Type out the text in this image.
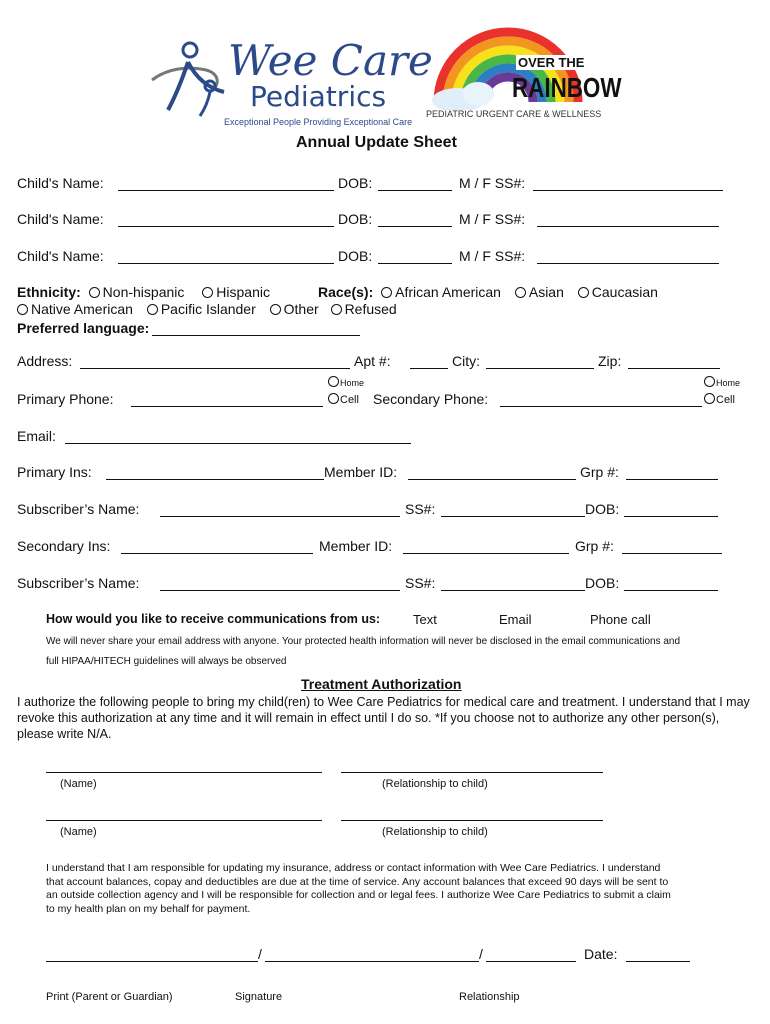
Wee Care
Pediatrics
Exceptional People Providing Exceptional Care
OVER THE
RAINBOW
PEDIATRIC URGENT CARE & WELLNESS
Annual Update Sheet
Child's Name:	DOB:	M / F SS#:
Child's Name:	DOB:	M / F SS#:
Child's Name:	DOB:	M / F SS#:
Ethnicity: Non-hispanic Hispanic	Race(s): African American Asian Caucasian
Native American Pacific Islander Other Refused
Preferred language:
Address:	Apt #:	City:	Zip:
Primary Phone:
Home
Cell Secondary Phone:
Home
Cell
Email:
Primary Ins:	Member ID:	Grp #:
Subscriber’s Name:	SS#:	DOB:
Secondary Ins:	Member ID:	Grp #:
Subscriber’s Name:	SS#:	DOB:
How would you like to receive communications from us:	Text	Email	Phone call
We will never share your email address with anyone. Your protected health information will never be disclosed in the email communications and
full HIPAA/HITECH guidelines will always be observed
Treatment Authorization
I authorize the following people to bring my child(ren) to Wee Care Pediatrics for medical care and treatment. I understand that I may
revoke this authorization at any time and it will remain in effect until I do so. *If you choose not to authorize any other person(s),
please write N/A.
(Name)	(Relationship to child)
(Name)	(Relationship to child)
I understand that I am responsible for updating my insurance, address or contact information with Wee Care Pediatrics. I understand
that account balances, copay and deductibles are due at the time of service. Any account balances that exceed 90 days will be sent to
an outside collection agency and I will be responsible for collection and or legal fees. I authorize Wee Care Pediatrics to submit a claim
to my health plan on my behalf for payment.
/	/	Date:
Print (Parent or Guardian)	Signature	Relationship
